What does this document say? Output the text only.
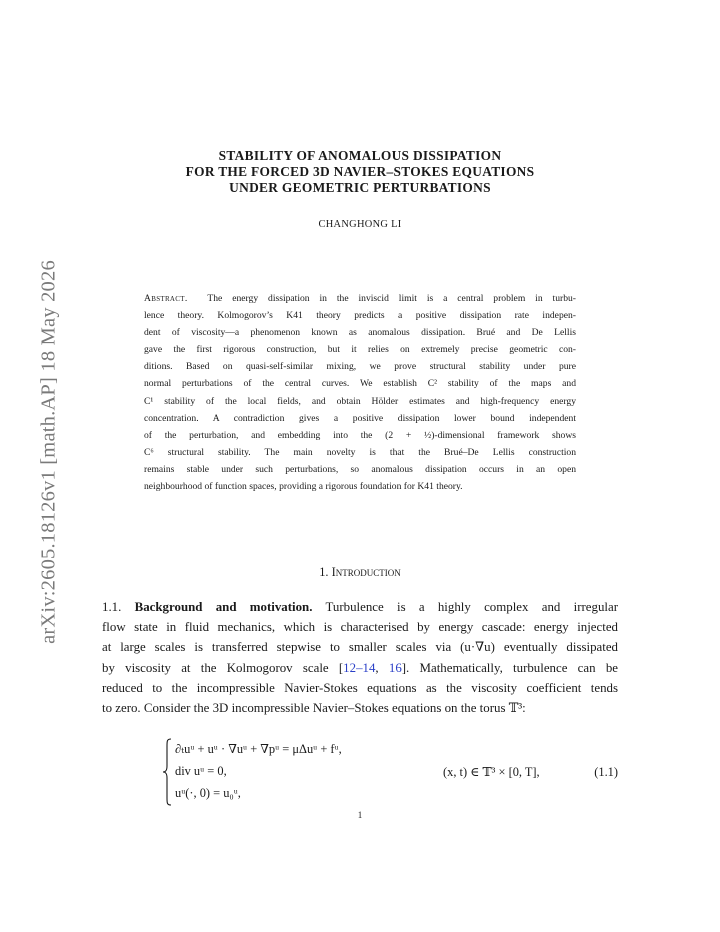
arXiv:2605.18126v1 [math.AP] 18 May 2026
STABILITY OF ANOMALOUS DISSIPATION
FOR THE FORCED 3D NAVIER–STOKES EQUATIONS
UNDER GEOMETRIC PERTURBATIONS
CHANGHONG LI
Abstract. The energy dissipation in the inviscid limit is a central problem in turbu-
lence theory. Kolmogorov’s K41 theory predicts a positive dissipation rate indepen-
dent of viscosity—a phenomenon known as anomalous dissipation. Brué and De Lellis
gave the first rigorous construction, but it relies on extremely precise geometric con-
ditions. Based on quasi-self-similar mixing, we prove structural stability under pure
normal perturbations of the central curves. We establish C² stability of the maps and
C¹ stability of the local fields, and obtain Hölder estimates and high-frequency energy
concentration. A contradiction gives a positive dissipation lower bound independent
of the perturbation, and embedding into the (2 + ½)-dimensional framework shows
C⁶ structural stability. The main novelty is that the Brué–De Lellis construction
remains stable under such perturbations, so anomalous dissipation occurs in an open
neighbourhood of function spaces, providing a rigorous foundation for K41 theory.
1. Introduction
1.1. Background and motivation. Turbulence is a highly complex and irregular
flow state in fluid mechanics, which is characterised by energy cascade: energy injected
at large scales is transferred stepwise to smaller scales via (u·∇u) eventually dissipated
by viscosity at the Kolmogorov scale [12–14, 16]. Mathematically, turbulence can be
reduced to the incompressible Navier-Stokes equations as the viscosity coefficient tends
to zero. Consider the 3D incompressible Navier–Stokes equations on the torus 𝕋³:
∂ₜuᵘ + uᵘ · ∇uᵘ + ∇pᵘ = μΔuᵘ + fᵘ,
div uᵘ = 0,
uᵘ(·, 0) = u₀ᵘ,
(x, t) ∈ 𝕋³ × [0, T],	(1.1)
1
